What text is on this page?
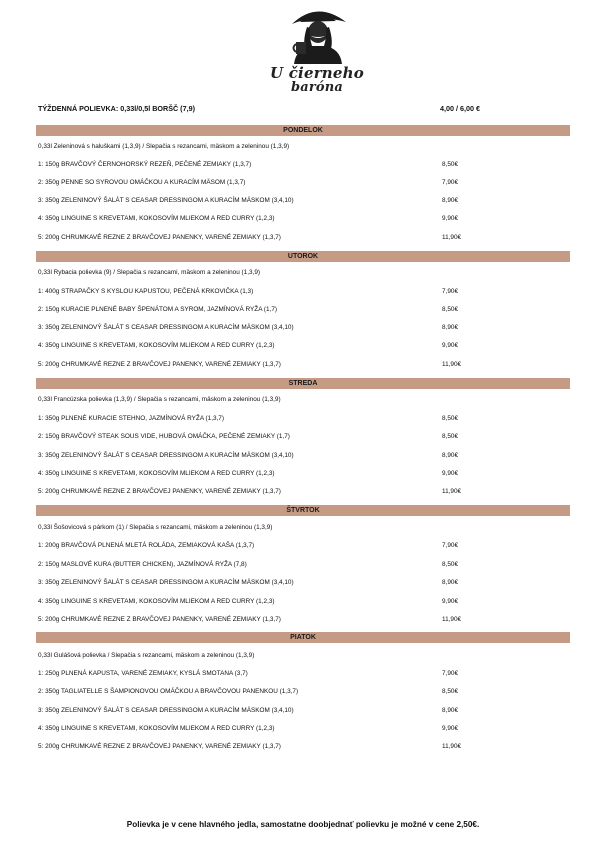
U čierneho
baróna
TÝŽDENNÁ POLIEVKA: 0,33l/0,5l BORŠČ (7,9)	4,00 / 6,00 €
PONDELOK
0,33l Zeleninová s haluškami (1,3,9) / Slepačia s rezancami, mäskom a zeleninou (1,3,9)
1: 150g BRAVČOVÝ ČERNOHORSKÝ REZEŇ, PEČENÉ ZEMIAKY (1,3,7)	8,50€
2: 350g PENNE SO SYROVOU OMÁČKOU A KURACÍM MÄSOM (1,3,7)	7,90€
3: 350g ZELENINOVÝ ŠALÁT S CEASAR DRESSINGOM A KURACÍM MÄSKOM (3,4,10)	8,90€
4: 350g LINGUINE S KREVETAMI, KOKOSOVÍM MLIEKOM A RED CURRY (1,2,3)	9,90€
5: 200g CHRUMKAVÉ REZNE Z BRAVČOVEJ PANENKY, VARENÉ ZEMIAKY (1,3,7)	11,90€
UTOROK
0,33l Rybacia polievka (9) / Slepačia s rezancami, mäskom a zeleninou (1,3,9)
1: 400g STRAPAČKY S KYSLOU KAPUSTOU, PEČENÁ KRKOVIČKA (1,3)	7,90€
2: 150g KURACIE PLNENÉ BABY ŠPENÁTOM A SYROM, JAZMÍNOVÁ RYŽA (1,7)	8,50€
3: 350g ZELENINOVÝ ŠALÁT S CEASAR DRESSINGOM A KURACÍM MÄSKOM (3,4,10)	8,90€
4: 350g LINGUINE S KREVETAMI, KOKOSOVÍM MLIEKOM A RED CURRY (1,2,3)	9,90€
5: 200g CHRUMKAVÉ REZNE Z BRAVČOVEJ PANENKY, VARENÉ ZEMIAKY (1,3,7)	11,90€
STREDA
0,33l Francúzska polievka (1,3,9) / Slepačia s rezancami, mäskom a zeleninou (1,3,9)
1: 350g PLNENÉ KURACIE STEHNO, JAZMÍNOVÁ RYŽA (1,3,7)	8,50€
2: 150g BRAVČOVÝ STEAK SOUS VIDE, HUBOVÁ OMÁČKA, PEČENÉ ZEMIAKY (1,7)	8,50€
3: 350g ZELENINOVÝ ŠALÁT S CEASAR DRESSINGOM A KURACÍM MÄSKOM (3,4,10)	8,90€
4: 350g LINGUINE S KREVETAMI, KOKOSOVÍM MLIEKOM A RED CURRY (1,2,3)	9,90€
5: 200g CHRUMKAVÉ REZNE Z BRAVČOVEJ PANENKY, VARENÉ ZEMIAKY (1,3,7)	11,90€
ŠTVRTOK
0,33l Šošovicová s párkom (1) / Slepačia s rezancami, mäskom a zeleninou (1,3,9)
1: 200g BRAVČOVÁ PLNENÁ MLETÁ ROLÁDA, ZEMIAKOVÁ KAŠA (1,3,7)	7,90€
2: 150g MASLOVÉ KURA (BUTTER CHICKEN), JAZMÍNOVÁ RYŽA (7,8)	8,50€
3: 350g ZELENINOVÝ ŠALÁT S CEASAR DRESSINGOM A KURACÍM MÄSKOM (3,4,10)	8,90€
4: 350g LINGUINE S KREVETAMI, KOKOSOVÍM MLIEKOM A RED CURRY (1,2,3)	9,90€
5: 200g CHRUMKAVÉ REZNE Z BRAVČOVEJ PANENKY, VARENÉ ZEMIAKY (1,3,7)	11,90€
PIATOK
0,33l Gulášová polievka / Slepačia s rezancami, mäskom a zeleninou (1,3,9)
1: 250g PLNENÁ KAPUSTA, VARENÉ ZEMIAKY, KYSLÁ SMOTANA (3,7)	7,90€
2: 350g TAGLIATELLE S ŠAMPIONOVOU OMÁČKOU A BRAVČOVOU PANENKOU (1,3,7)	8,50€
3: 350g ZELENINOVÝ ŠALÁT S CEASAR DRESSINGOM A KURACÍM MÄSKOM (3,4,10)	8,90€
4: 350g LINGUINE S KREVETAMI, KOKOSOVÍM MLIEKOM A RED CURRY (1,2,3)	9,90€
5: 200g CHRUMKAVÉ REZNE Z BRAVČOVEJ PANENKY, VARENÉ ZEMIAKY (1,3,7)	11,90€
Polievka je v cene hlavného jedla, samostatne doobjednať polievku je možné v cene 2,50€.
